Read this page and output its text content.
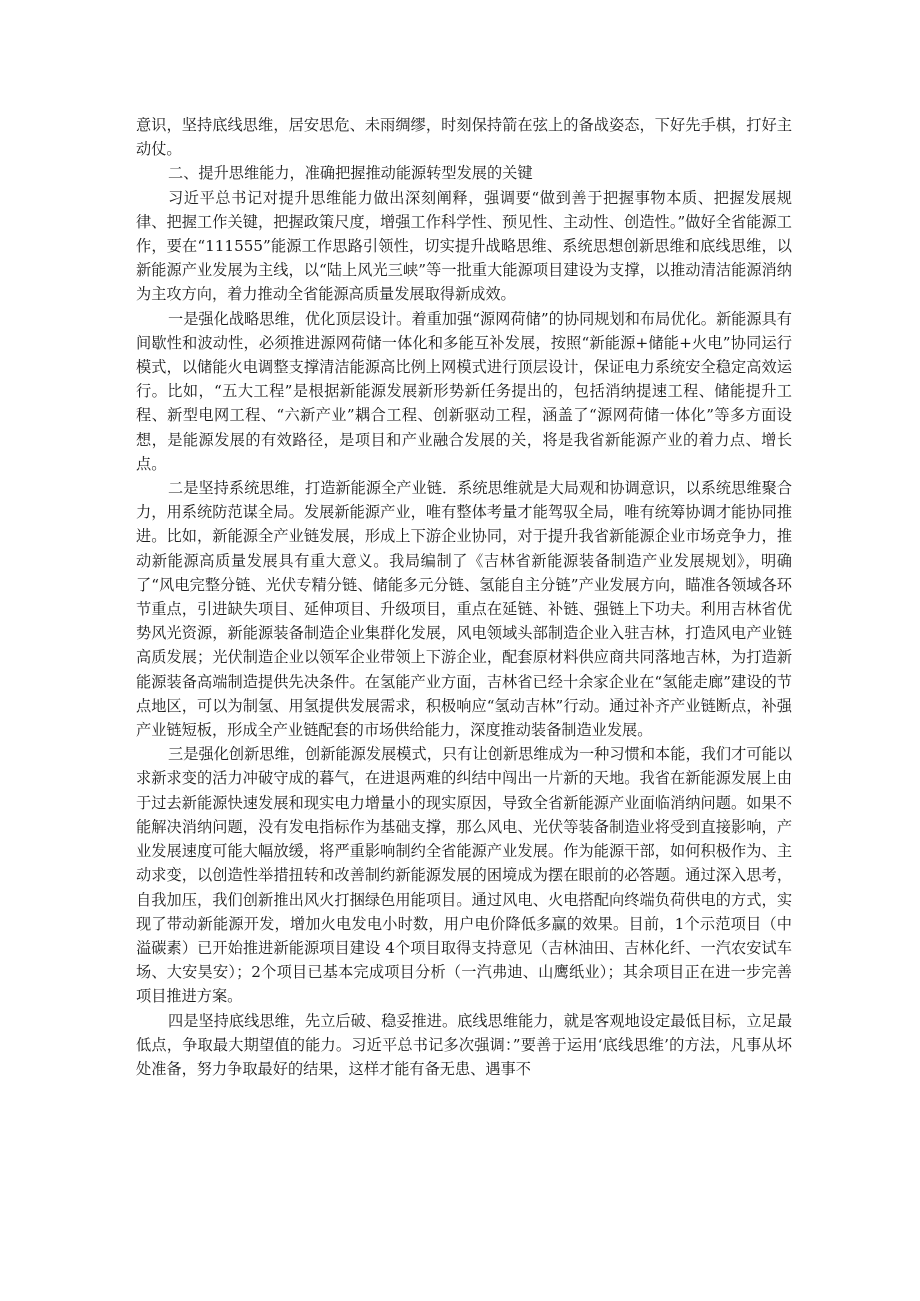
意识，坚持底线思维，居安思危、未雨绸缪，时刻保持箭在弦上的备战姿态，下好先手棋，打好主动仗。

二、提升思维能力，准确把握推动能源转型发展的关键

习近平总书记对提升思维能力做出深刻阐释，强调要“做到善于把握事物本质、把握发展规律、把握工作关键，把握政策尺度，增强工作科学性、预见性、主动性、创造性。”做好全省能源工作，要在“111555”能源工作思路引领性，切实提升战略思维、系统思想创新思维和底线思维，以新能源产业发展为主线，以“陆上风光三峡”等一批重大能源项目建设为支撑，以推动清洁能源消纳为主攻方向，着力推动全省能源高质量发展取得新成效。

一是强化战略思维，优化顶层设计。着重加强“源网荷储”的协同规划和布局优化。新能源具有间歇性和波动性，必须推进源网荷储一体化和多能互补发展，按照“新能源+储能+火电”协同运行模式，以储能火电调整支撑清洁能源高比例上网模式进行顶层设计，保证电力系统安全稳定高效运行。比如，“五大工程”是根据新能源发展新形势新任务提出的，包括消纳提速工程、储能提升工程、新型电网工程、“六新产业”耦合工程、创新驱动工程，涵盖了“源网荷储一体化”等多方面设想，是能源发展的有效路径，是项目和产业融合发展的关，将是我省新能源产业的着力点、增长点。

二是坚持系统思维，打造新能源全产业链．系统思维就是大局观和协调意识，以系统思维聚合力，用系统防范谋全局。发展新能源产业，唯有整体考量才能驾驭全局，唯有统筹协调才能协同推进。比如，新能源全产业链发展，形成上下游企业协同，对于提升我省新能源企业市场竞争力，推动新能源高质量发展具有重大意义。我局编制了《吉林省新能源装备制造产业发展规划》，明确了“风电完整分链、光伏专精分链、储能多元分链、氢能自主分链”产业发展方向，瞄准各领域各环节重点，引进缺失项目、延伸项目、升级项目，重点在延链、补链、强链上下功夫。利用吉林省优势风光资源，新能源装备制造企业集群化发展，风电领域头部制造企业入驻吉林，打造风电产业链高质发展；光伏制造企业以领军企业带领上下游企业，配套原材料供应商共同落地吉林，为打造新能源装备高端制造提供先决条件。在氢能产业方面，吉林省已经十余家企业在“氢能走廊”建设的节点地区，可以为制氢、用氢提供发展需求，积极响应“氢动吉林”行动。通过补齐产业链断点，补强产业链短板，形成全产业链配套的市场供给能力，深度推动装备制造业发展。

三是强化创新思维，创新能源发展模式，只有让创新思维成为一种习惯和本能，我们才可能以求新求变的活力冲破守成的暮气，在进退两难的纠结中闯出一片新的天地。我省在新能源发展上由于过去新能源快速发展和现实电力增量小的现实原因，导致全省新能源产业面临消纳问题。如果不能解决消纳问题，没有发电指标作为基础支撑，那么风电、光伏等装备制造业将受到直接影响，产业发展速度可能大幅放缓，将严重影响制约全省能源产业发展。作为能源干部，如何积极作为、主动求变，以创造性举措扭转和改善制约新能源发展的困境成为摆在眼前的必答题。通过深入思考，自我加压，我们创新推出风火打捆绿色用能项目。通过风电、火电搭配向终端负荷供电的方式，实现了带动新能源开发，增加火电发电小时数，用户电价降低多赢的效果。目前，1个示范项目（中溢碳素）已开始推进新能源项目建设 4个项目取得支持意见（吉林油田、吉林化纤、一汽农安试车场、大安昊安）；2个项目已基本完成项目分析（一汽弗迪、山鹰纸业）；其余项目正在进一步完善项目推进方案。

四是坚持底线思维，先立后破、稳妥推进。底线思维能力，就是客观地设定最低目标，立足最低点，争取最大期望值的能力。习近平总书记多次强调：”要善于运用‘底线思维’的方法，凡事从坏处准备，努力争取最好的结果，这样才能有备无患、遇事不
